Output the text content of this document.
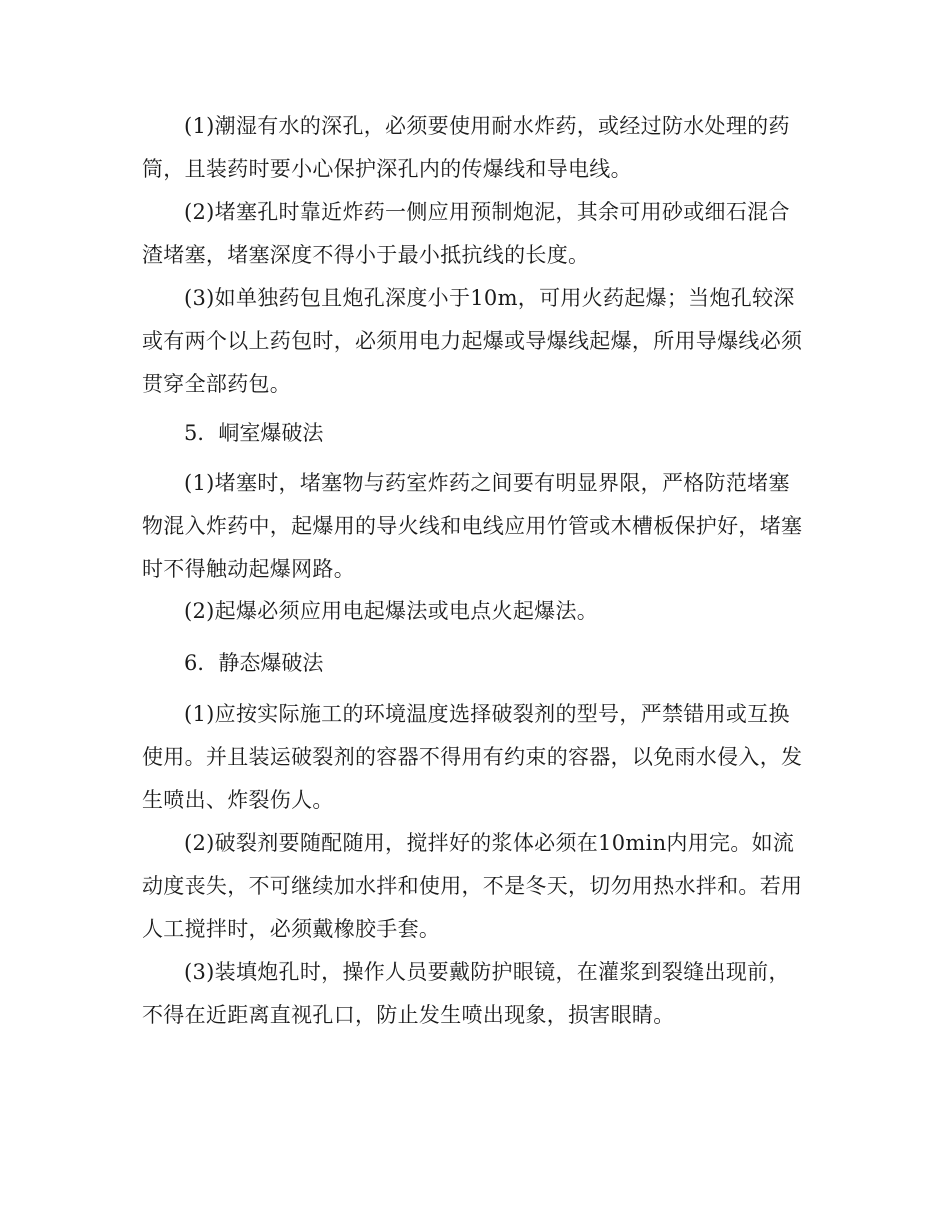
(1)潮湿有水的深孔，必须要使用耐水炸药，或经过防水处理的药筒，且装药时要小心保护深孔内的传爆线和导电线。

(2)堵塞孔时靠近炸药一侧应用预制炮泥，其余可用砂或细石混合渣堵塞，堵塞深度不得小于最小抵抗线的长度。

(3)如单独药包且炮孔深度小于10m，可用火药起爆；当炮孔较深或有两个以上药包时，必须用电力起爆或导爆线起爆，所用导爆线必须贯穿全部药包。

5．峒室爆破法

(1)堵塞时，堵塞物与药室炸药之间要有明显界限，严格防范堵塞物混入炸药中，起爆用的导火线和电线应用竹管或木槽板保护好，堵塞时不得触动起爆网路。

(2)起爆必须应用电起爆法或电点火起爆法。

6．静态爆破法

(1)应按实际施工的环境温度选择破裂剂的型号，严禁错用或互换使用。并且装运破裂剂的容器不得用有约束的容器，以免雨水侵入，发生喷出、炸裂伤人。

(2)破裂剂要随配随用，搅拌好的浆体必须在10min内用完。如流动度丧失，不可继续加水拌和使用，不是冬天，切勿用热水拌和。若用人工搅拌时，必须戴橡胶手套。

(3)装填炮孔时，操作人员要戴防护眼镜，在灌浆到裂缝出现前，不得在近距离直视孔口，防止发生喷出现象，损害眼睛。
